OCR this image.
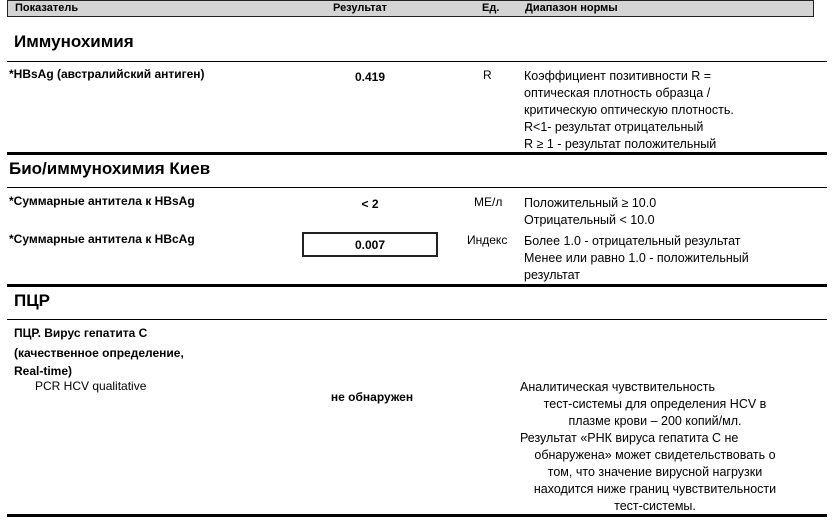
Показатель	Результат	Ед. Диапазон нормы
Иммунохимия
*HBsAg (австралийский антиген)	0.419	R	Коэффициент позитивности R =
оптическая плотность образца /
критическую оптическую плотность.
R<1- результат отрицательный
R ≥ 1 - результат положительный
Био/иммунохимия Киев
*Суммарные антитела к HBsAg	< 2	МЕ/л Положительный ≥ 10.0
Отрицательный < 10.0
*Суммарные антитела к HBcAg	0.007	Индекс Более 1.0 - отрицательный результат
Менее или равно 1.0 - положительный
результат
ПЦР
ПЦР. Вирус гепатита С
(качественное определение,
Real-time)
PCR HCV qualitative
не обнаружен
Аналитическая чувствительность
тест-системы для определения HCV в
плазме крови – 200 копий/мл.
Результат «РНК вируса гепатита С не
обнаружена» может свидетельствовать о
том, что значение вирусной нагрузки
находится ниже границ чувствительности
тест-системы.
